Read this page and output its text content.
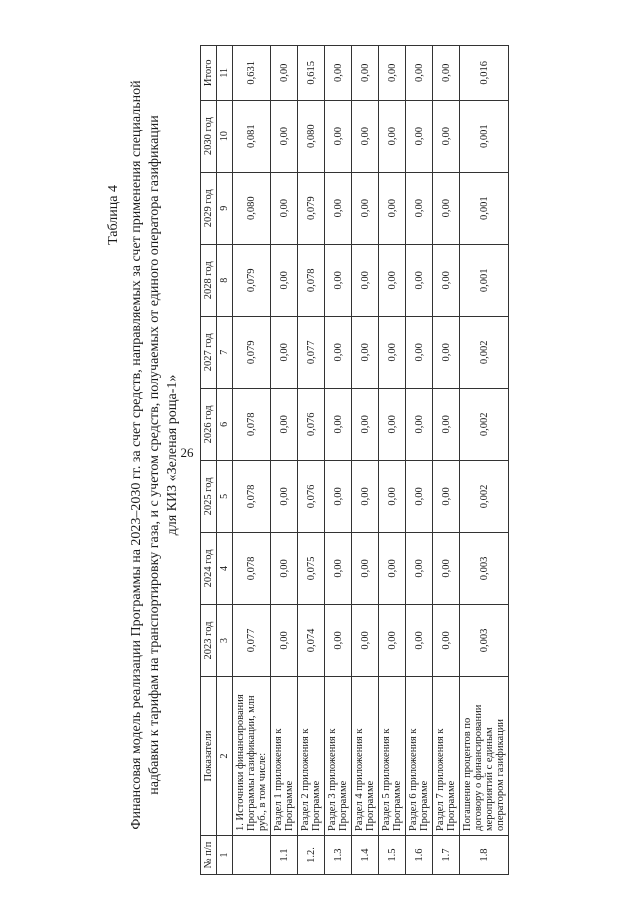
26
Таблица 4 Финансовая модель реализации Программы на 2023–2030 гг. за счет средств, направляемых за счет применения специальной надбавки к тарифам на транспортировку газа, и с учетом средств, получаемых от единого оператора газификации для КИЗ «Зеленая роща-1»
№ п/п	Показатели	2023 год	2024 год	2025 год	2026 год	2027 год	2028 год	2029 год	2030 год	Итого
1	2	3	4	5	6	7	8	9	10	11
	1. Источники финансирования Программы газификации, млн руб., в том числе:	0,077	0,078	0,078	0,078	0,079	0,079	0,080	0,081	0,631
1.1	Раздел 1 приложения к Программе	0,00	0,00	0,00	0,00	0,00	0,00	0,00	0,00	0,00
1.2.	Раздел 2 приложения к Программе	0,074	0,075	0,076	0,076	0,077	0,078	0,079	0,080	0,615
1.3	Раздел 3 приложения к Программе	0,00	0,00	0,00	0,00	0,00	0,00	0,00	0,00	0,00
1.4	Раздел 4 приложения к Программе	0,00	0,00	0,00	0,00	0,00	0,00	0,00	0,00	0,00
1.5	Раздел 5 приложения к Программе	0,00	0,00	0,00	0,00	0,00	0,00	0,00	0,00	0,00
1.6	Раздел 6 приложения к Программе	0,00	0,00	0,00	0,00	0,00	0,00	0,00	0,00	0,00
1.7	Раздел 7 приложения к Программе	0,00	0,00	0,00	0,00	0,00	0,00	0,00	0,00	0,00
1.8	Погашение процентов по договору о финансировании мероприятий с единым оператором газификации	0,003	0,003	0,002	0,002	0,002	0,001	0,001	0,001	0,016
